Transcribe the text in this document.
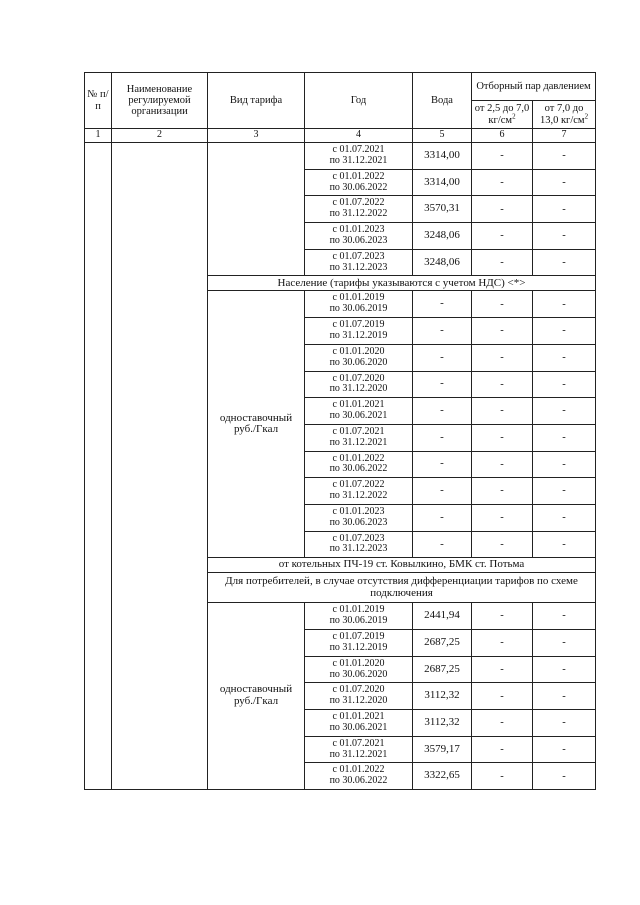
№ п/п	Наименование регулируемой организации	Вид тарифа	Год	Вода	Отборный пар давлением	
					от 2,5 до 7,0 $кг/см^2$	от 7,0 до 13,0 $кг/см^2$
1	2	3	4	5	6	7
			с 01.07.2021
по 31.12.2021	3314,00	-	-
			с 01.01.2022
по 30.06.2022	3314,00	-	-
			с 01.07.2022
по 31.12.2022	3570,31	-	-
			с 01.01.2023
по 30.06.2023	3248,06	-	-
			с 01.07.2023
по 31.12.2023	3248,06	-	-
		Население (тарифы указываются с учетом НДС) <*>				
		одноставочный руб./Гкал	с 01.01.2019
по 30.06.2019	-	-	-
			с 01.07.2019
по 31.12.2019	-	-	-
			с 01.01.2020
по 30.06.2020	-	-	-
			с 01.07.2020
по 31.12.2020	-	-	-
			с 01.01.2021
по 30.06.2021	-	-	-
			с 01.07.2021
по 31.12.2021	-	-	-
			с 01.01.2022
по 30.06.2022	-	-	-
			с 01.07.2022
по 31.12.2022	-	-	-
			с 01.01.2023
по 30.06.2023	-	-	-
			с 01.07.2023
по 31.12.2023	-	-	-
		от котельных ПЧ-19 ст. Ковылкино, БМК ст. Потьма				
		Для потребителей, в случае отсутствия дифференциации тарифов по схеме подключения				
		одноставочный руб./Гкал	с 01.01.2019
по 30.06.2019	2441,94	-	-
			с 01.07.2019
по 31.12.2019	2687,25	-	-
			с 01.01.2020
по 30.06.2020	2687,25	-	-
			с 01.07.2020
по 31.12.2020	3112,32	-	-
			с 01.01.2021
по 30.06.2021	3112,32	-	-
			с 01.07.2021
по 31.12.2021	3579,17	-	-
			с 01.01.2022
по 30.06.2022	3322,65	-	-
